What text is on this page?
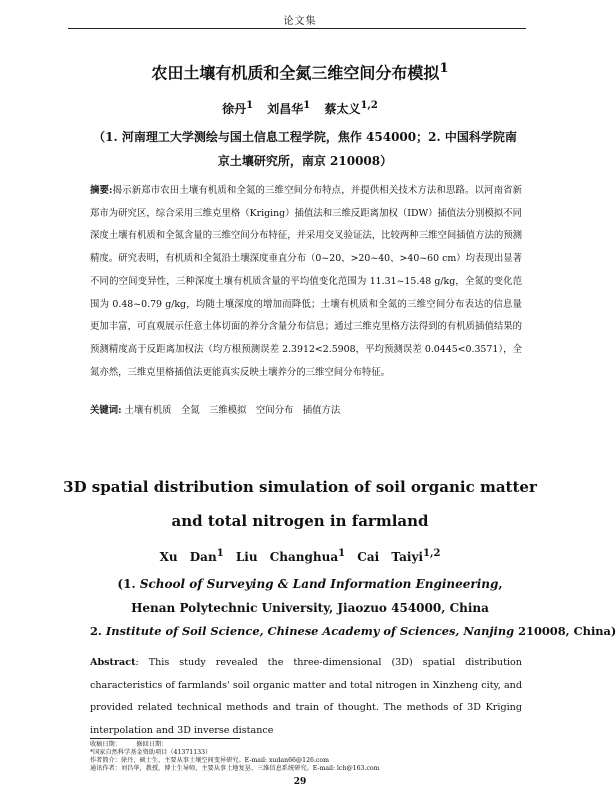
论文集
农田土壤有机质和全氮三维空间分布模拟$^1$
徐丹$^1$ 刘昌华$^1$ 蔡太义$^{1,2}$
（1. 河南理工大学测绘与国土信息工程学院，焦作 454000；2. 中国科学院南
京土壤研究所，南京 210008）
摘要:揭示新郑市农田土壤有机质和全氮的三维空间分布特点，并提供相关技术方法和思路。以河南省新郑市为研究区，综合采用三维克里格（Kriging）插值法和三维反距离加权（IDW）插值法分别模拟不同深度土壤有机质和全氮含量的三维空间分布特征，并采用交叉验证法，比较两种三维空间插值方法的预测精度。研究表明，有机质和全氮沿土壤深度垂直分布（0~20、>20~40、>40~60 cm）均表现出显著不同的空间变异性，三种深度土壤有机质含量的平均值变化范围为 11.31~15.48 g/kg，全氮的变化范围为 0.48~0.79 g/kg，均随土壤深度的增加而降低；土壤有机质和全氮的三维空间分布表达的信息量更加丰富，可直观展示任意土体切面的养分含量分布信息；通过三维克里格方法得到的有机质插值结果的预测精度高于反距离加权法（均方根预测误差 2.3912<2.5908，平均预测误差 0.0445<0.3571），全氮亦然，三维克里格插值法更能真实反映土壤养分的三维空间分布特征。
关键词: 土壤有机质　全氮　三维模拟　空间分布　插值方法
3D spatial distribution simulation of soil organic matter and total nitrogen in farmland
Xu Dan$^1$ Liu Changhua$^1$ Cai Taiyi$^{1,2}$
(1. School of Surveying & Land Information Engineering, Henan Polytechnic University, Jiaozuo 454000, China
2. Institute of Soil Science, Chinese Academy of Sciences, Nanjing 210008, China)
Abstract: This study revealed the three-dimensional (3D) spatial distribution characteristics of farmlands' soil organic matter and total nitrogen in Xinzheng city, and provided related technical methods and train of thought. The methods of 3D Kriging interpolation and 3D inverse distance
收稿日期：　　　修回日期：
*国家自然科学基金资助项目（41371133）
作者简介：徐丹，硕士生，主要从事土壤空间变异研究。E-mail: xudan66@126.com
通讯作者：刘昌华，教授，博士生导师，主要从事土地复垦、三维信息系统研究。E-mail: lch@163.com
29
